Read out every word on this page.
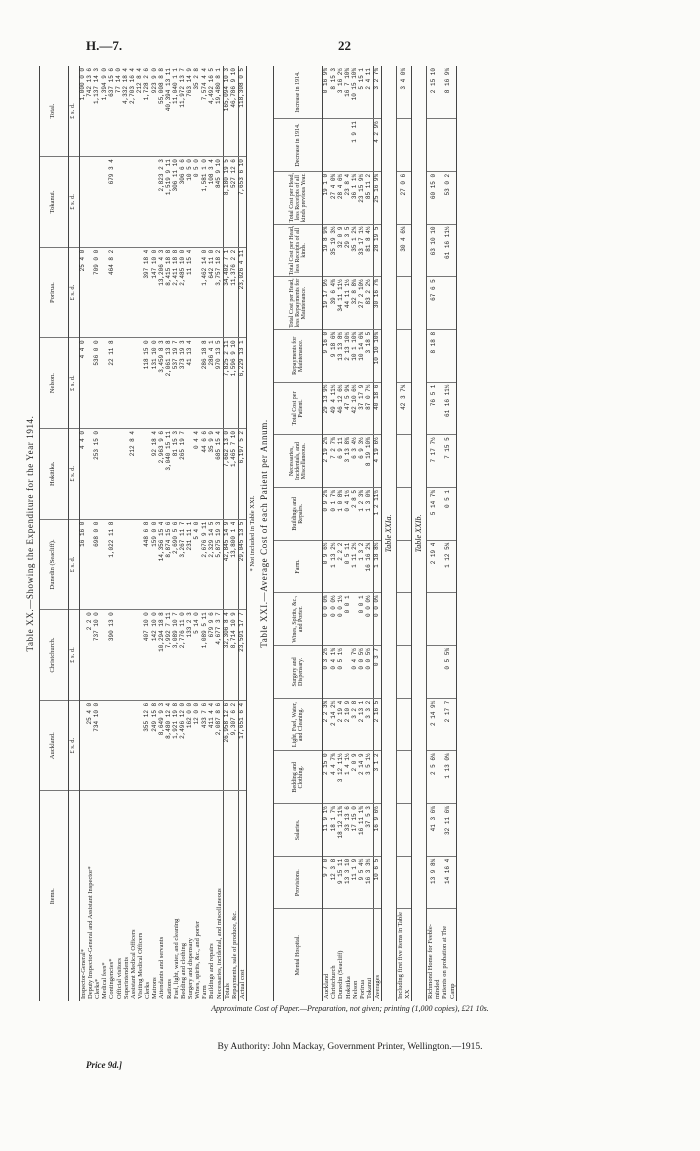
H.—7.	22
Table XX.—Showing the Expenditure for the Year 1914.
Items.	Auckland.	Christchurch.	Dunedin (Seacliff).	Hokitika.	Nelson.	Porirua.	Tokanui.	Total.
	£ s. d.	£ s. d.	£ s. d.	£ s. d.	£ s. d.	£ s. d.	£ s. d.	£ s. d.
Inspector-General*			16 16 0	4 4 0	4 4 0	25 4 0		1,000 0 0
Deputy Inspector-General and Assistant Inspector*	25 4 0	2 2 0						742 13 6
Clerks*	734 10 0	737 10 0	698 0 0	253 15 0	536 0 0	709 0 0		1,137 14 3
Medical fees*								1,394 9 0
Contingencies*		390 13 0	1,022 11 8		22 11 8	464 8 2	679 3 4	637 15 6
Official visitors								77 14 0
Superintendents								4,332 18 4
Assistant Medical Officers				212 8 4				2,703 16 4
Visiting Medical Officers								212 8 4
Clerks	355 12 6	407 10 0	448 6 8		118 15 0	397 18 4		1,728 2 6
Matrons	249 15 8	142 10 0	159 0 0	92 18 4	131 10 0	147 10 0		923 9 0
Attendants and servants	8,649 9 3	10,294 18 8	14,356 15 4	2,963 9 6	3,459 8 3	13,206 4 3	2,823 2 3	55,008 8 8
Rations	8,480 12 4	7,992 7 11	8,874 15 6	3,040 15 11	2,061 13 8	8,415 18 8	1,519 9 11	40,394 13 11
Fuel, light, water, and cleaning	1,921 19 8	3,089 10 7	2,690 5 6	81 15 3	537 19 7	2,411 18 8	306 11 10	11,040 1 1
Bedding and clothing	2,496 12 0	2,776 11 0	3,267 11 7	265 19 7	373 19 3	2,485 10 0	306 6 6	11,972 13 7
Surgery and dispensary	162 0 0	133 2 3	231 11 1		41 13 4	11 15 4	10 5 0	763 14 9
Wines, spirits, &c., and porter	12 0 0	5 14 0	5 4 0	0 4 4			0 5 0	35 2 8
Farm	433 7 6	1,089 5 11	2,676 9 11	44 6 6	286 18 8	1,462 14 0	1,581 1 0	7,574 4 4
Buildings and repairs	411 4 4	679 9 6	2,329 14 5	35 9 9	286 4 1	642 11 0	108 3 4	4,492 16 5
Necessaries, incidental, and miscellaneous	2,087 8 6	4,677 3 7	5,875 19 3	685 15 4	970 13 5	3,757 18 2	845 9 10	19,480 8 1
Totals	26,958 12 6	32,306 8 4	42,845 14 9	7,662 13 0	7,825 2 11	34,402 7 1	8,180 19 5	165,094 10 3
Repayments, sale of produce, &c.	9,307 6 2	8,714 10 9	13,800 1 4	1,465 7 10	1,596 9 10	11,376 2 2	527 12 6	46,786 9 10
Actual cost	17,651 6 4	23,591 17 7	29,045 13 5	6,197 5 2	6,229 13 1	23,026 4 11	7,653 6 10	118,308 0 5
* Not included in Table XXI. Table XXI.—Average Cost of each Patient per Annum.
Mental Hospital.	Provisions.	Salaries.	Bedding and Clothing.	Light, Fuel, Water, and Cleaning.	Surgery and Dispensary.	Wines, Spirits, &c., and Porter.	Farm.	Buildings and Repairs.	Necessaries, Incidentals, and Miscellaneous.	Total Cost per Patient.	Repayments for Maintenance.	Total Cost per Head, less Repayments for Maintenance.	Total Cost per Head, less Receipts of all kinds.	Total Cost per Head, less Receipts of all kinds previous Year.	Decrease in 1914.	Increase in 1914.
Auckland	9 7 0	11 9 1½	2 15 0	2 2 3¾	0 3 2½	0 0 0¾	0 9 6½	0 9 2¼	2 19 2¼	29 13 9½	9 16 0	19 17 9½	19 8 9¾	19 1 0		0 16 9¾
Christchurch	12 3 8	18 1 7¼	4 4 7¾	2 14 2½	0 4 1¾	0 0 0½	1 13 2½	0 1 7¼	7 2 7¾	49 4 11½	9 18 6¾	39 6 4¾	35 19 3½	27 4 0¾		8 15 3
Dunedin (Seacliff)	9 15 11	18 12 11¾	3 12 11½	2 19 4	0 5 1½	0 0 1½	2 2 2	1 0 8¾	6 9 11	46 12 6½	13 13 8½	34 11 11½	32 0 9	28 4 6½		3 16 2½
Hokitika	13 3 10	33 13 6	1 4 1½	2 10 9		0 0 1	0 5 11	0 4 1½	3 13 8¾	47 5 9¼	2 13 10½	44 11 1½	29 3 5	23 8 4		16 7 10¾
Nelson	11 1 9	17 15 0	2 0 9	3 2 8	0 4 7½		1 11 2½	2 8 5	6 3 4½	42 10 6½	10 1 10¼	32 8 8¼	35 1 2¼	36 1 1¼	1 9 11	10 15 10¾
Porirua	9 5 4½	16 11 1¾	2 14 9	2 13 1	0 0 5½	0 0 1	1 3 2	1 2 3¾	6 9 3½	37 17 9	10 14 6¾	27 2 10½	33 17 1½	23 15 9½		5 15 1
Tokanui	16 3 3½	37 5 3	3 5 1½	3 3 2	0 0 5½	0 0 0½	16 16 2¼	1 3 0¾	8 19 10¾	87 0 7½	3 18 5	83 2 2½	81 8 4½	85 11 2		2 4 11
Averages	10 6 5	16 9 6½	3 1 2	2 16 5	0 3 7	0 0 0¼	1 18 8½	1 2 11½	4 19 6½	40 18 6	10 10 10¼	30 16 7¾	28 19 5	25 16 9¾	4 2 9½	3 2 7¾
Table XXIa.
Including first five items in Table XX										42 3 7¼			30 4 6¼	27 0 6		3 4 0¼
Table XXIb.
Richmond Home for Feeble-minded	13 9 8¼	41 3 6¼	2 5 6¼	2 14 9½			2 19 4	5 14 7¾	7 17 7½	76 5 1	8 18 8	67 6 5	63 10 10	60 15 0		2 15 10
Patients on probation at The Camp	14 16 4	32 11 6¼	1 13 0¼	2 17 7	0 5 5¾		1 12 5¼	0 5 1	7 15 5	61 16 11½			61 16 11½	53 0 2		8 16 9¼
Approximate Cost of Paper.—Preparation, not given; printing (1,000 copies), £21 10s.
By Authority: John Mackay, Government Printer, Wellington.—1915.
Price 9d.]
